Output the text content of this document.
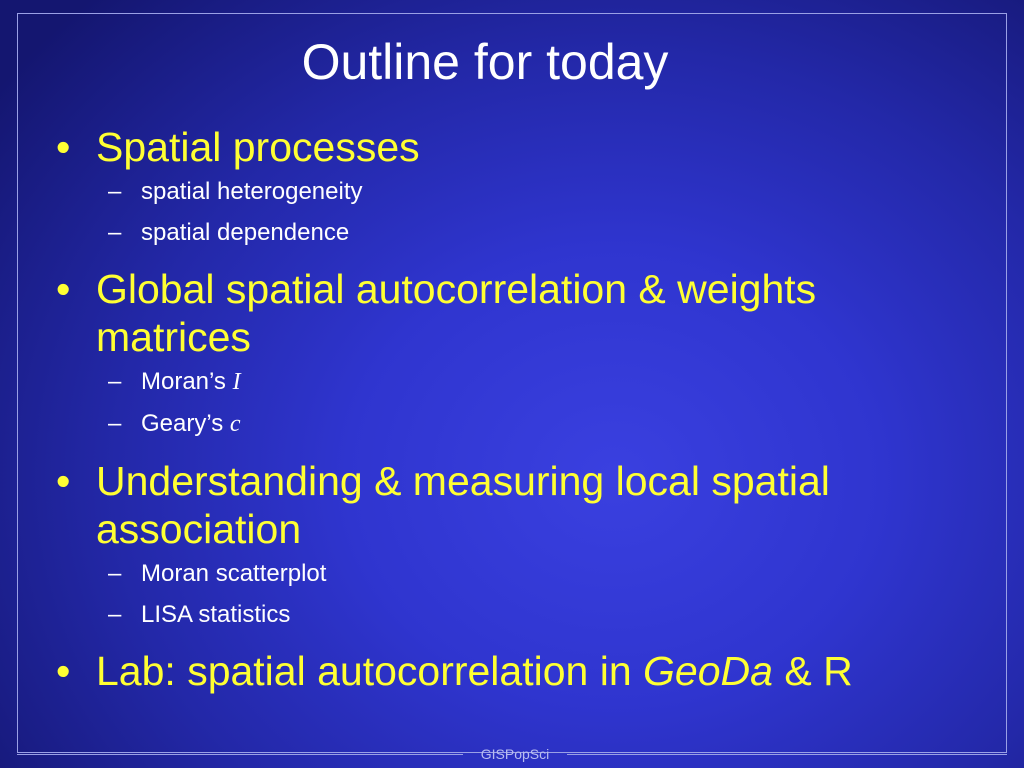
Outline for today
• Spatial processes
– spatial heterogeneity
– spatial dependence
• Global spatial autocorrelation & weights matrices
– Moran’s I
– Geary’s c
• Understanding & measuring local spatial association
– Moran scatterplot
– LISA statistics
• Lab: spatial autocorrelation in GeoDa & R
GISPopSci
